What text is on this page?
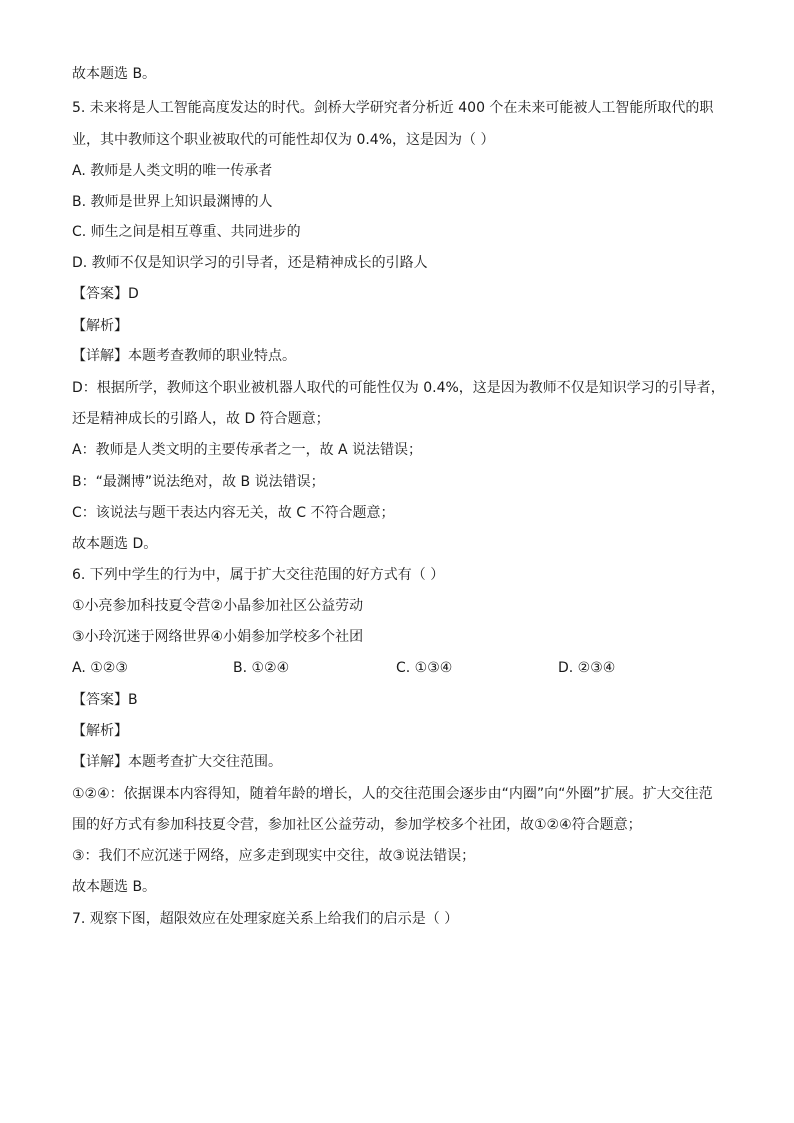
故本题选 B。
5. 未来将是人工智能高度发达的时代。剑桥大学研究者分析近 400 个在未来可能被人工智能所取代的职
业，其中教师这个职业被取代的可能性却仅为 0.4%，这是因为（ ）
A. 教师是人类文明的唯一传承者
B. 教师是世界上知识最渊博的人
C. 师生之间是相互尊重、共同进步的
D. 教师不仅是知识学习的引导者，还是精神成长的引路人
【答案】D
【解析】
【详解】本题考查教师的职业特点。
D：根据所学，教师这个职业被机器人取代的可能性仅为 0.4%，这是因为教师不仅是知识学习的引导者，
还是精神成长的引路人，故 D 符合题意；
A：教师是人类文明的主要传承者之一，故 A 说法错误；
B：“最渊博”说法绝对，故 B 说法错误；
C：该说法与题干表达内容无关，故 C 不符合题意；
故本题选 D。
6. 下列中学生的行为中，属于扩大交往范围的好方式有（ ）
①小亮参加科技夏令营②小晶参加社区公益劳动
③小玲沉迷于网络世界④小娟参加学校多个社团
A. ①②③	B. ①②④	C. ①③④	D. ②③④
【答案】B
【解析】
【详解】本题考查扩大交往范围。
①②④：依据课本内容得知，随着年龄的增长，人的交往范围会逐步由“内圈”向“外圈”扩展。扩大交往范
围的好方式有参加科技夏令营，参加社区公益劳动，参加学校多个社团，故①②④符合题意；
③：我们不应沉迷于网络，应多走到现实中交往，故③说法错误；
故本题选 B。
7. 观察下图，超限效应在处理家庭关系上给我们的启示是（ ）
